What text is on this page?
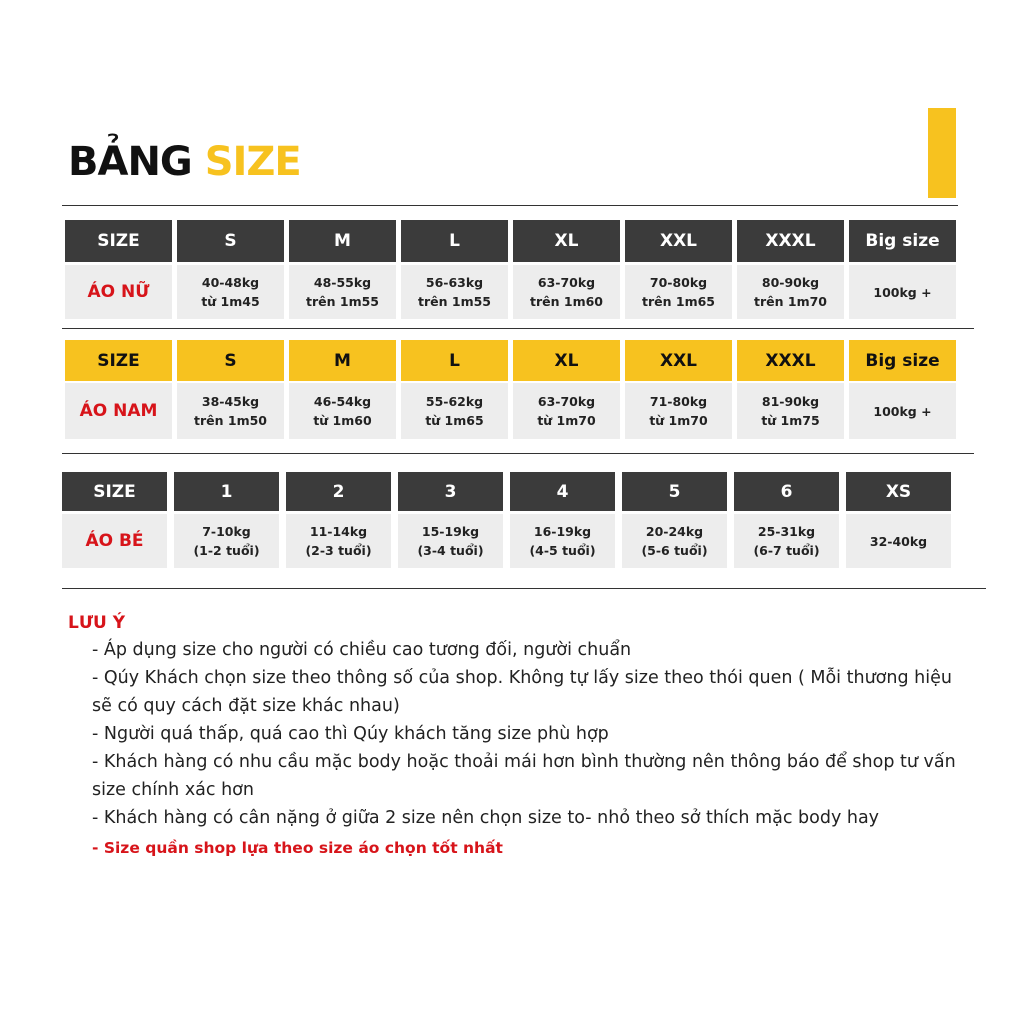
BẢNG SIZE
SIZE
ÁO NỮ
S
40-48kg
từ 1m45
M
48-55kg
trên 1m55
L
56-63kg
trên 1m55
XL
63-70kg
trên 1m60
XXL
70-80kg
trên 1m65
XXXL
80-90kg
trên 1m70
Big size
100kg +
SIZE
ÁO NAM
S
38-45kg
trên 1m50
M
46-54kg
từ 1m60
L
55-62kg
từ 1m65
XL
63-70kg
từ 1m70
XXL
71-80kg
từ 1m70
XXXL
81-90kg
từ 1m75
Big size
100kg +
SIZE
ÁO BÉ
1
7-10kg
(1-2 tuổi)
2
11-14kg
(2-3 tuổi)
3
15-19kg
(3-4 tuổi)
4
16-19kg
(4-5 tuổi)
5
20-24kg
(5-6 tuổi)
6
25-31kg
(6-7 tuổi)
XS
32-40kg
LƯU Ý
- Áp dụng size cho người có chiều cao tương đối, người chuẩn
- Qúy Khách chọn size theo thông số của shop. Không tự lấy size theo thói quen ( Mỗi thương hiệu sẽ có quy cách đặt size khác nhau)
- Người quá thấp, quá cao thì Qúy khách tăng size phù hợp
- Khách hàng có nhu cầu mặc body hoặc thoải mái hơn bình thường nên thông báo để shop tư vấn size chính xác hơn
- Khách hàng có cân nặng ở giữa 2 size nên chọn size to- nhỏ theo sở thích mặc body hay
- Size quần shop lựa theo size áo chọn tốt nhất
